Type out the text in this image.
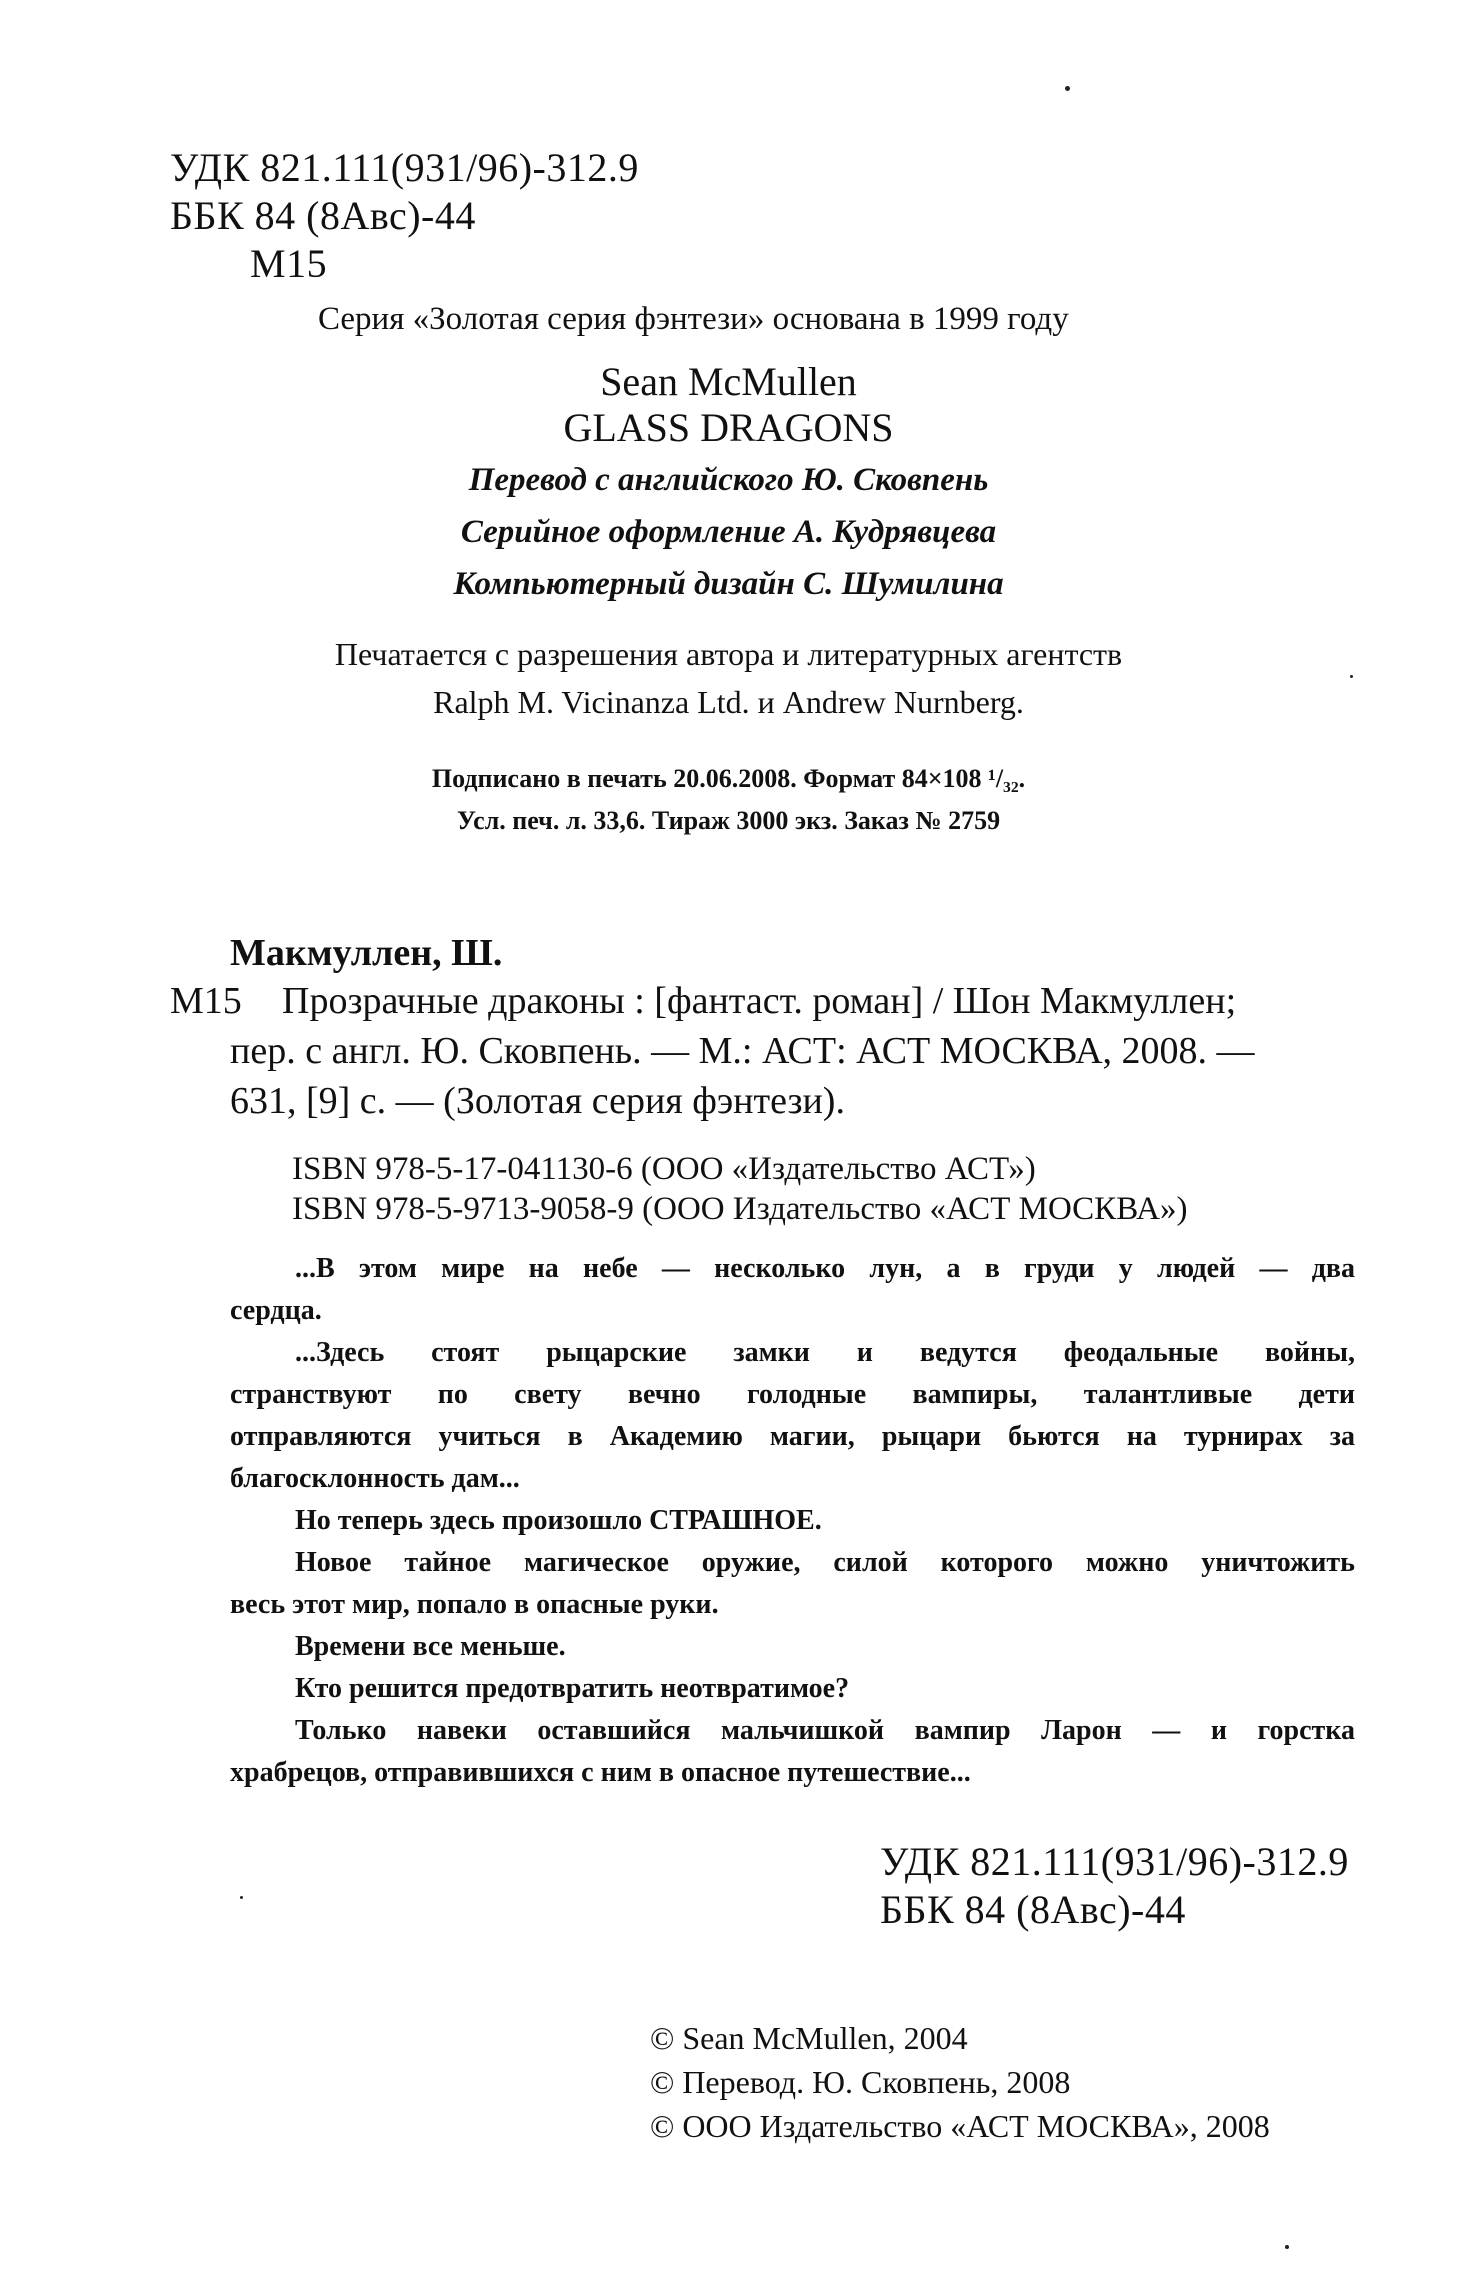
УДК 821.111(931/96)-312.9
ББК 84 (8Авс)-44
М15
Серия «Золотая серия фэнтези» основана в 1999 году
Sean McMullen
GLASS DRAGONS
Перевод с английского Ю. Сковпень
Серийное оформление А. Кудрявцева
Компьютерный дизайн С. Шумилина
Печатается с разрешения автора и литературных агентств
Ralph M. Vicinanza Ltd. и Andrew Nurnberg.
Подписано в печать 20.06.2008. Формат 84×108 ¹/₃₂.
Усл. печ. л. 33,6. Тираж 3000 экз. Заказ № 2759
Макмуллен, Ш.
М15 Прозрачные драконы : [фантаст. роман] / Шон Макмуллен;
пер. с англ. Ю. Сковпень. — М.: АСТ: АСТ МОСКВА, 2008. —
631, [9] с. — (Золотая серия фэнтези).
ISBN 978-5-17-041130-6 (ООО «Издательство АСТ»)
ISBN 978-5-9713-9058-9 (ООО Издательство «АСТ МОСКВА»)
...В этом мире на небе — несколько лун, а в груди у людей — два
сердца.
...Здесь стоят рыцарские замки и ведутся феодальные войны,
странствуют по свету вечно голодные вампиры, талантливые дети
отправляются учиться в Академию магии, рыцари бьются на турнирах за
благосклонность дам...
Но теперь здесь произошло СТРАШНОЕ.
Новое тайное магическое оружие, силой которого можно уничтожить
весь этот мир, попало в опасные руки.
Времени все меньше.
Кто решится предотвратить неотвратимое?
Только навеки оставшийся мальчишкой вампир Ларон — и горстка
храбрецов, отправившихся с ним в опасное путешествие...
УДК 821.111(931/96)-312.9
ББК 84 (8Авс)-44
© Sean McMullen, 2004
© Перевод. Ю. Сковпень, 2008
© ООО Издательство «АСТ МОСКВА», 2008
